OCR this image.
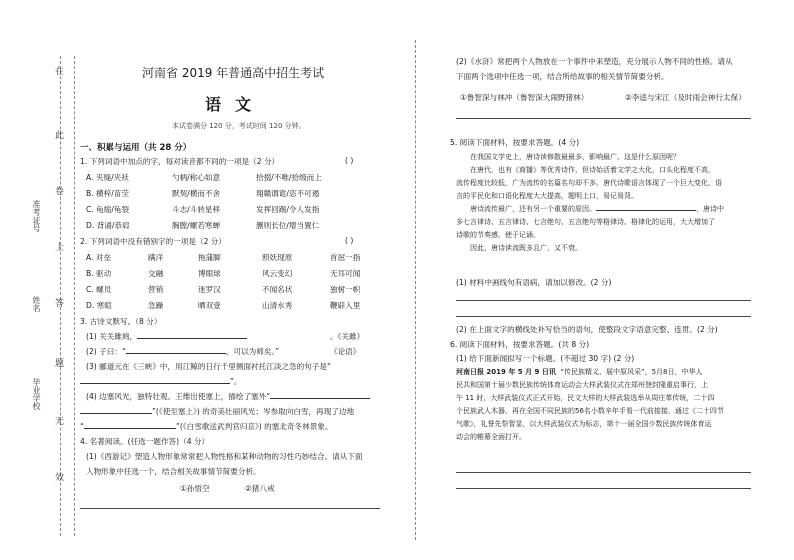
在
此
卷
上
答
题
无
效
准考证号
姓名
毕业学校
河南省 2019 年普通高中招生考试
语文
本试卷满分 120 分，考试时间 120 分钟。
一、积累与运用（共 28 分）
1. 下列词语中加点的字，每对读音都不同的一项是（2 分）	( )
A. 夹缝/夹袄	勺柄/称心如意	拾掇/不唯/拾级而上
B. 横梓/苗茔	默契/横而不舍	翔赣谓诡/恣不可遏
C. 龟缩/龟裂	斗志/斗转星移	发挥回踢/令人发指
D. 背诵/恭肩	胸膛/螺若寒蝉	删则长位/增当置仁
2. 下列词语中没有错别字的一项是（2 分）	( )
A. 对垒	蹒洋	拖蒲脚	照妖现原	首屈一指
B. 驱动	交融	博眼球	风云变幻	无耳可闻
C. 螺员	营销	迷罗汉	不闻名状	独树一帜
D. 寒暄	急躁	晒双壹	山清水秀	鞭辟入里
3. 古诗文默写。（8 分）
(1) 关关雎鸠，	。《关雎》
(2) 子曰：“	，可以为师矣。”	《论语》
(3) 郦道元在《三峡》中，用江鲸的日行千里侧面衬托江淡之急的句子是“
”。
(4) 边塞风光，独特壮观。王维出使塞上，描绘了塞外“
”(《使至塞上》) 的奇美壮丽风光；岑参取向白雪，再现了边地
“	”(《白雪歌送武判官归京》) 的塞北奇冬林景象。
4. 名著阅读。(任选一题作答)（4 分）
(1)《西游记》塑造人物形象常常把人物性格和某种动物的习性巧妙结合。请从下面
人物形象中任选一个，结合相关故事情节简要分析。
①孙悟空	②猪八戒
(2)《水浒》常把两个人物放在一个事件中来塑造，充分展示人物不同的性格。请从
下面两个选项中任选一项，结合所给故事的相关情节简要分析。
①鲁智深与林冲（鲁智深大闹野猪林）	②李逵与宋江（及时雨会神行太保）
5. 阅读下面材料，按要求答题。(4 分)
在我国文学史上，唐诗读修散最最多，影响最广。这是什么原因呢？
在唐代，也有《商播》等优秀诗作，但诗始活着文学之大化，口头化程度不高，
流传程度比较低，广为流传的名篇名句却不多。唐代诗歌语言体现了一个巨大变化，语
言的平民化和口语化程度大大提高，题明上口，易记易背。
唐诗流传最广，还有另一个重要的原因。	，唐诗中
多七言律诗、五言律诗、七言绝句、五言绝句等格律诗。格律化的运用，大大增加了
诗歌的节奏感，使于记诵。
因此，唐诗读流既多且广，又不衰。
(1) 材料中画线句有语病，请加以修改。(2 分)
(2) 在上面文字的横线处补写恰当的语句，使整段文字语意完整、连贯。(2 分)
6. 阅读下面材料，按要求答题。(共 8 分)
(1) 给下面新闻拟写一个标题。(不超过 30 字) (2 分)
河南日报 2019 年 5 月 9 日讯 “传民族精义、展中原风采”，5月8日，中华人
民共和国第十届少数民族传统体育运动会大样武装仪式在郑州登封隆重启事行，上
午 11 时，大样武装仪式正式开始，民文大样的大样武装选举从周庄革传统，二十四
个民族武人木器，再在全国不同民族的56名小数辛年手看一代前接接，通过《二十四节
气歌》，礼誉先祭智显，以大样武装仪式为标志，第十一届全国少数民族传统体育运
动会的帷幕全面打开。
